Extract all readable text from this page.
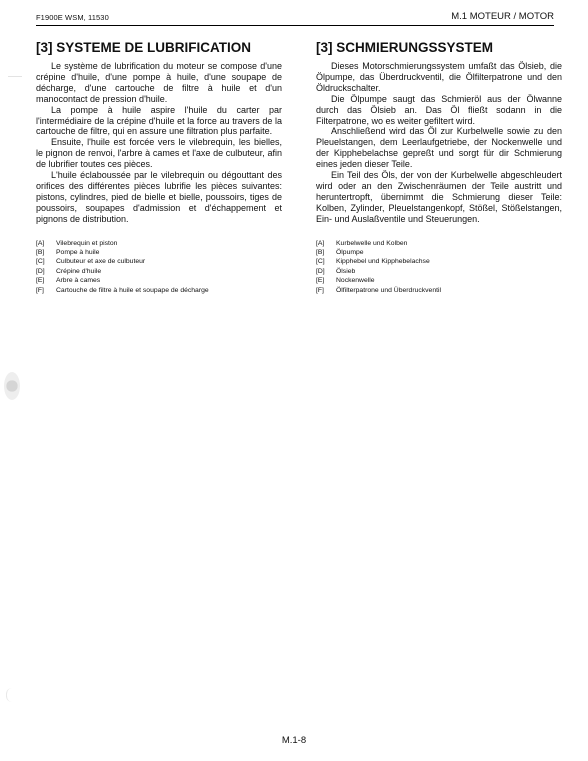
F1900E WSM, 11530	M.1 MOTEUR / MOTOR
[3] SYSTEME DE LUBRIFICATION

Le système de lubrification du moteur se compose d'une crépine d'huile, d'une pompe à huile, d'une soupape de décharge, d'une cartouche de filtre à huile et d'un manocontact de pression d'huile.

La pompe à huile aspire l'huile du carter par l'intermédiaire de la crépine d'huile et la force au travers de la cartouche de filtre, qui en assure une filtration plus parfaite.

Ensuite, l'huile est forcée vers le vilebrequin, les bielles, le pignon de renvoi, l'arbre à cames et l'axe de culbuteur, afin de lubrifier toutes ces pièces.

L'huile éclaboussée par le vilebrequin ou dégouttant des orifices des différentes pièces lubrifie les pièces suivantes: pistons, cylindres, pied de bielle et bielle, poussoirs, tiges de poussoirs, soupapes d'admission et d'échappement et pignons de distribution.

[A]	Vilebrequin et piston
[B]	Pompe à huile
[C]	Culbuteur et axe de culbuteur
[D]	Crépine d'huile
[E]	Arbre à cames
[F]	Cartouche de filtre à huile et soupape de décharge
[3] SCHMIERUNGSSYSTEM

Dieses Motorschmierungssystem umfaßt das Ölsieb, die Ölpumpe, das Überdruckventil, die Ölfilterpatrone und den Öldruckschalter.

Die Ölpumpe saugt das Schmieröl aus der Ölwanne durch das Ölsieb an. Das Öl fließt sodann in die Filterpatrone, wo es weiter gefiltert wird.

Anschließend wird das Öl zur Kurbelwelle sowie zu den Pleuelstangen, dem Leerlaufgetriebe, der Nockenwelle und der Kipphebelachse gepreßt und sorgt für dir Schmierung eines jeden dieser Teile.

Ein Teil des Öls, der von der Kurbelwelle abgeschleudert wird oder an den Zwischenräumen der Teile austritt und heruntertropft, übernimmt die Schmierung dieser Teile: Kolben, Zylinder, Pleuelstangenkopf, Stößel, Stößelstangen, Ein- und Auslaßventile und Steuerungen.

[A]	Kurbelwelle und Kolben
[B]	Ölpumpe
[C]	Kipphebel und Kipphebelachse
[D]	Ölsieb
[E]	Nockenwelle
[F]	Ölfilterpatrone und Überdruckventil
M.1-8
